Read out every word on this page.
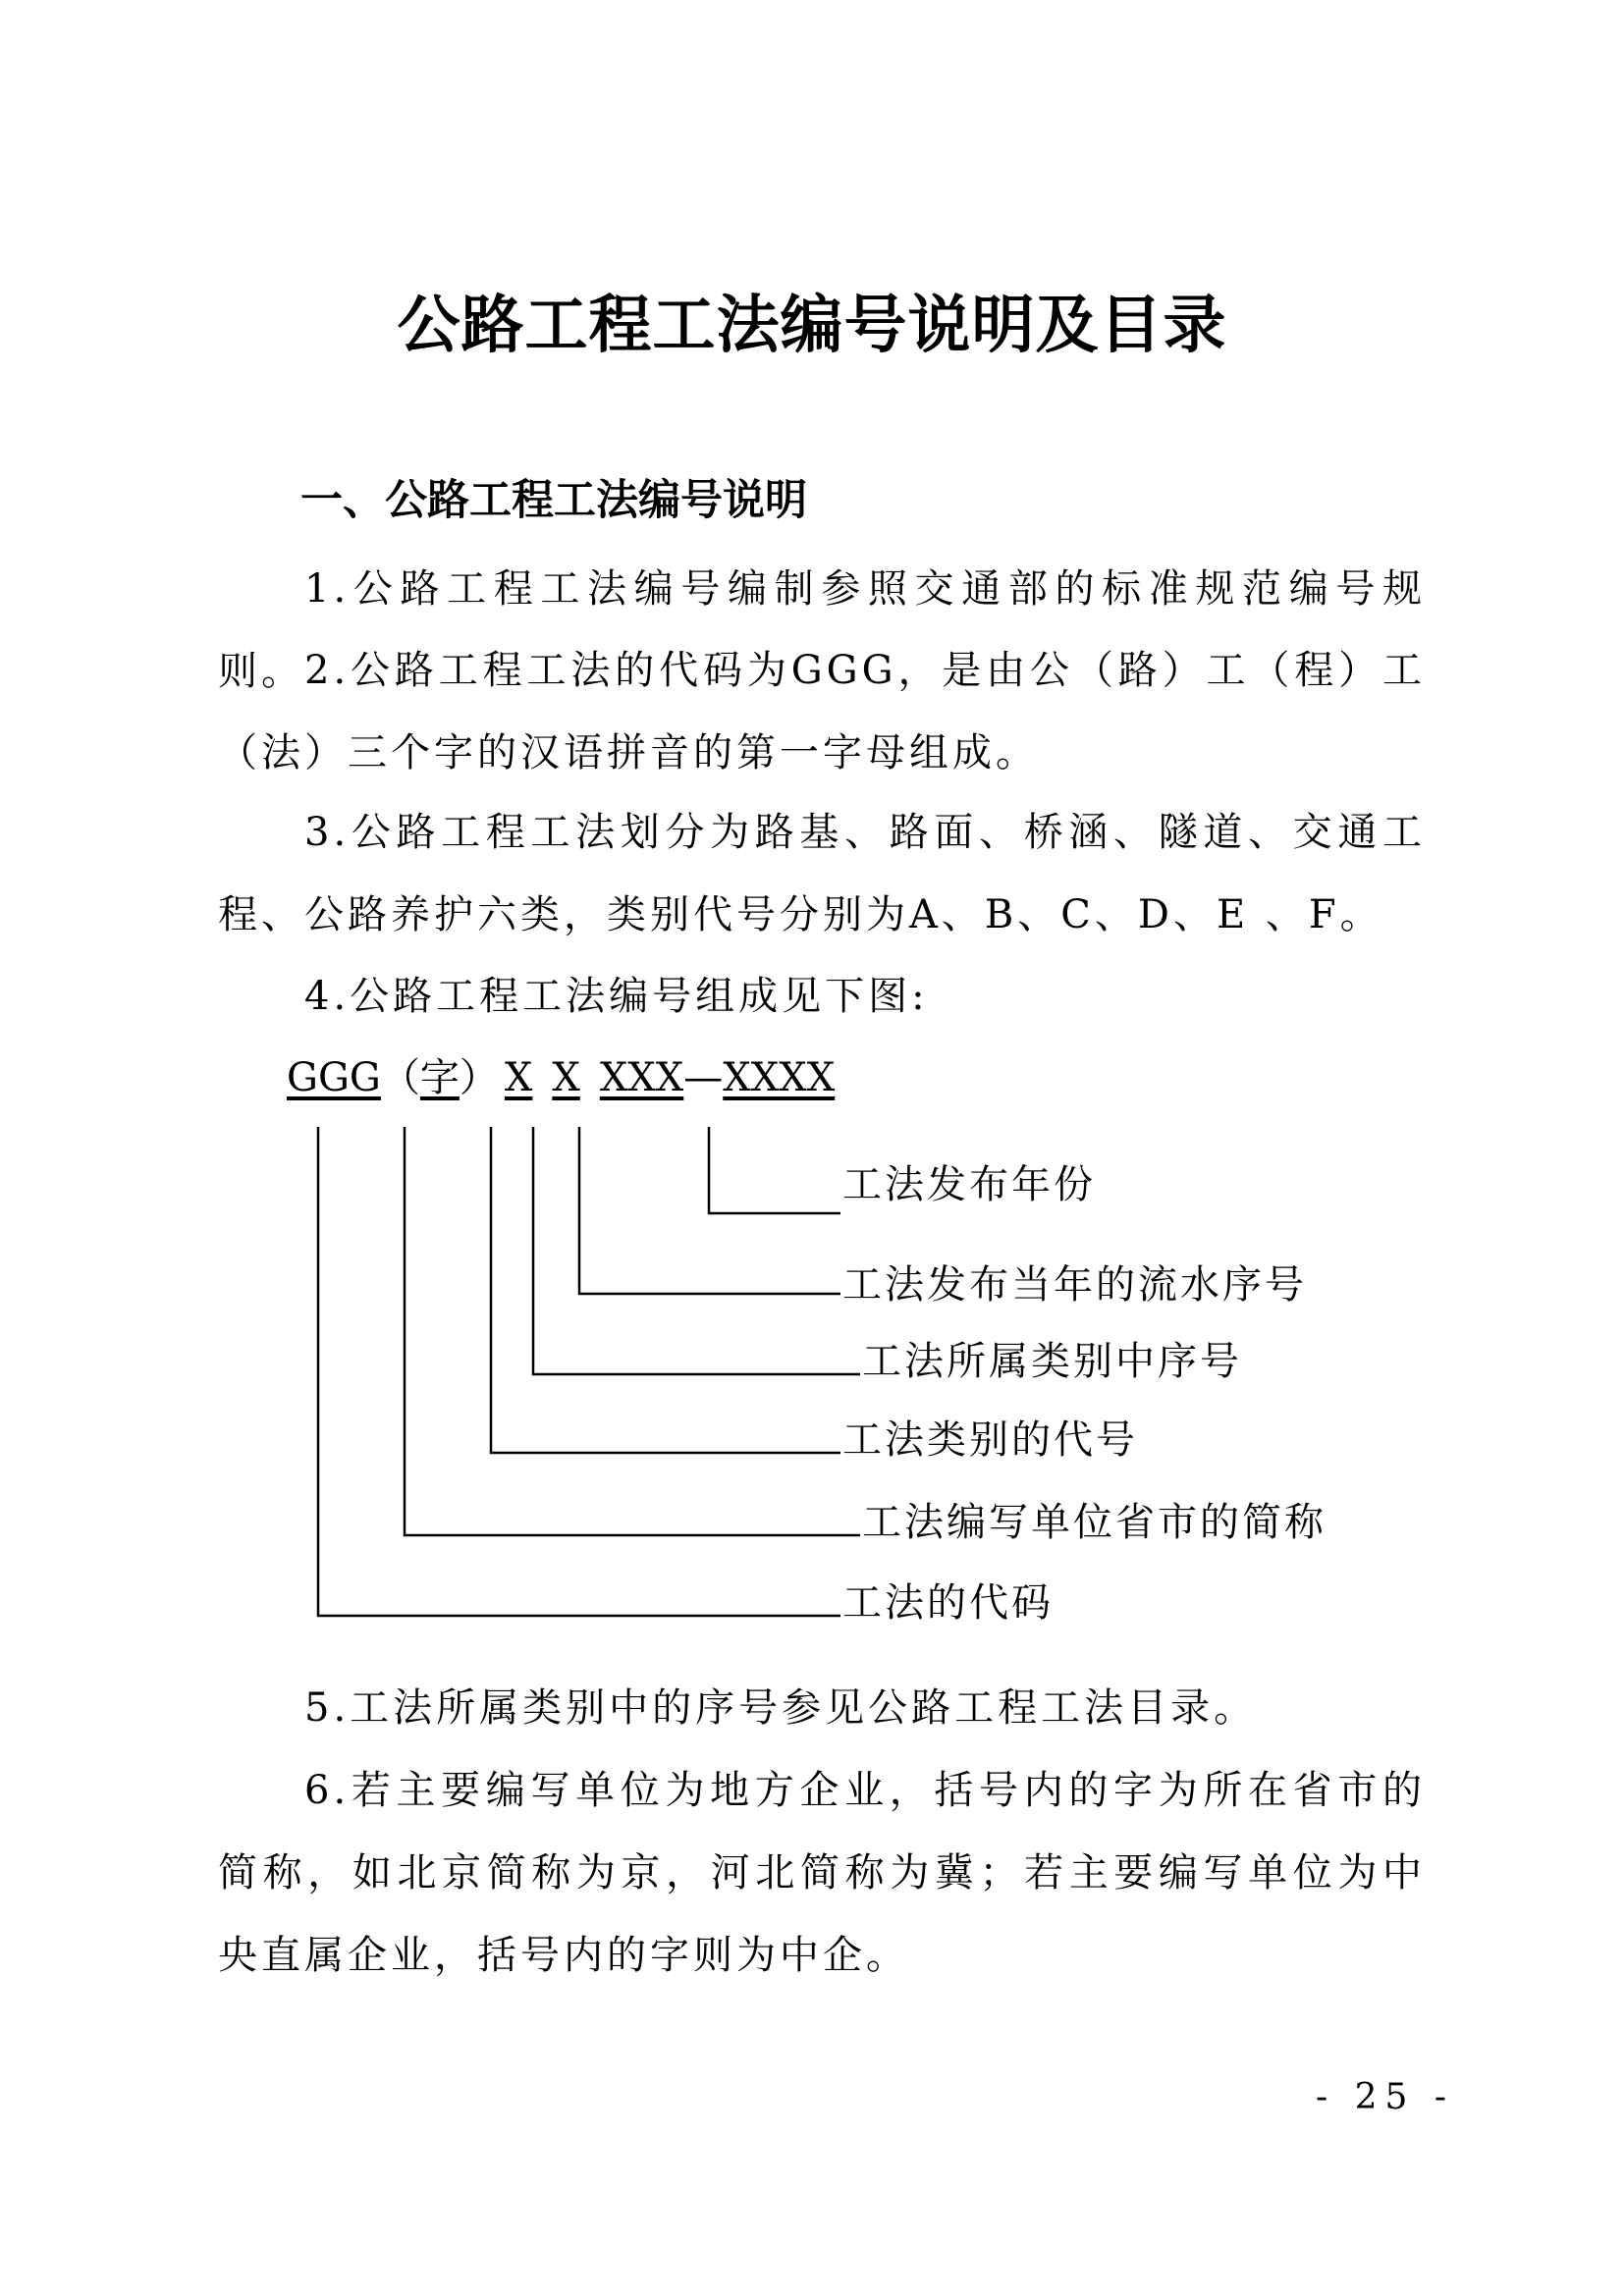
公路工程工法编号说明及目录
一、公路工程工法编号说明

1.公路工程工法编号编制参照交通部的标准规范编号规则。 2.公路工程工法的代码为GGG，是由公（路）工（程）工（法）三个字的汉语拼音的第一字母组成。

3.公路工程工法划分为路基、路面、桥涵、隧道、交通工程、公路养护六类，类别代号分别为A、B、C、D、E 、F。

4.公路工程工法编号组成见下图:

GGG（字） X X XXX—XXXX
工法发布年份
工法发布当年的流水序号
工法所属类别中序号
工法类别的代号
工法编写单位省市的简称
工法的代码

5.工法所属类别中的序号参见公路工程工法目录。

6.若主要编写单位为地方企业，括号内的字为所在省市的简称，如北京简称为京，河北简称为冀；若主要编写单位为中央直属企业，括号内的字则为中企。

- 25 -
